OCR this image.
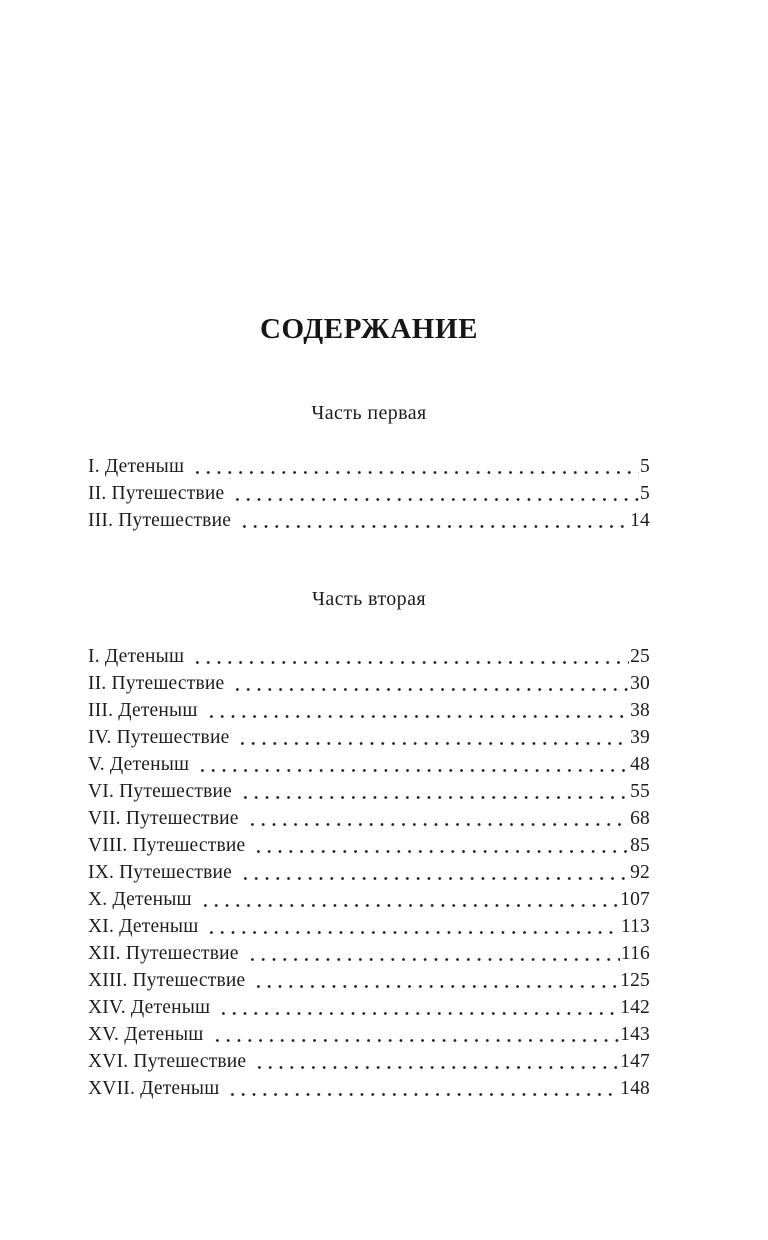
СОДЕРЖАНИЕ
Часть первая
I. Детеныш	5
II. Путешествие	5
III. Путешествие	14
Часть вторая
I. Детеныш	25
II. Путешествие	30
III. Детеныш	38
IV. Путешествие	39
V. Детеныш	48
VI. Путешествие	55
VII. Путешествие	68
VIII. Путешествие	85
IX. Путешествие	92
X. Детеныш	107
XI. Детеныш	113
XII. Путешествие	116
XIII. Путешествие	125
XIV. Детеныш	142
XV. Детеныш	143
XVI. Путешествие	147
XVII. Детеныш	148
